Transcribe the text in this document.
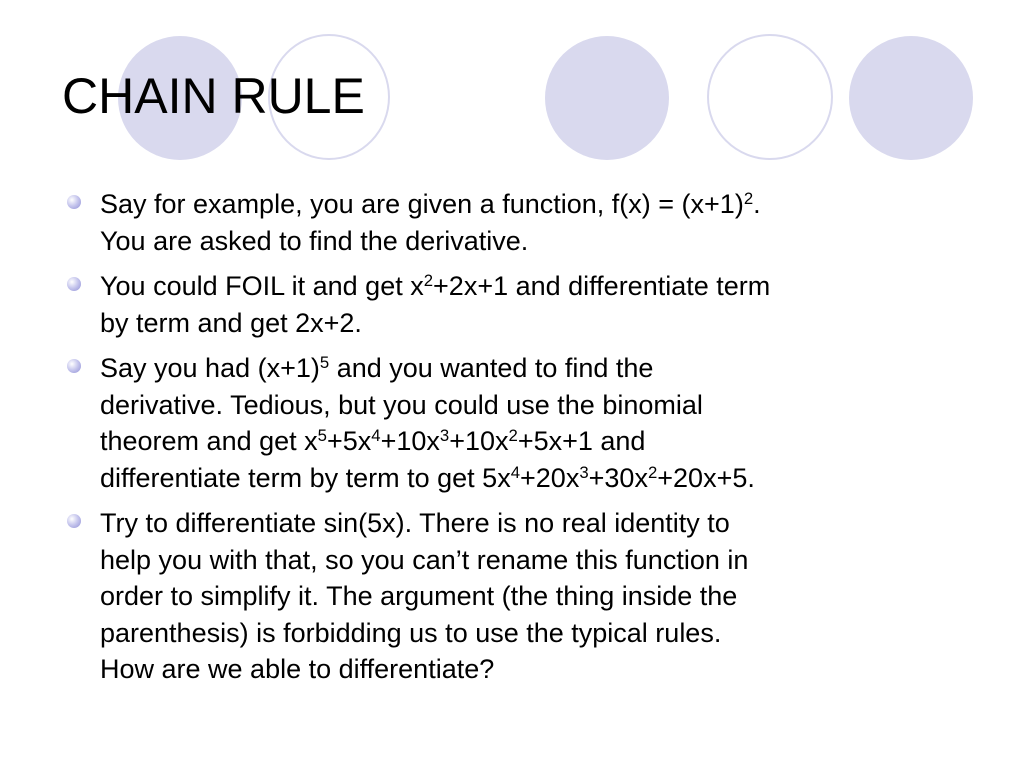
CHAIN RULE
Say for example, you are given a function, $f(x) = (x+1)^2$.
You are asked to find the derivative.
You could FOIL it and get $x^2+2x+1$ and differentiate term
by term and get 2x+2.
Say you had $(x+1)^5$ and you wanted to find the
derivative. Tedious, but you could use the binomial
theorem and get $x^5+5x^4+10x^3+10x^2+5x+1$ and
differentiate term by term to get $5x^4+20x^3+30x^2+20x+5$.
Try to differentiate sin(5x). There is no real identity to
help you with that, so you can’t rename this function in
order to simplify it. The argument (the thing inside the
parenthesis) is forbidding us to use the typical rules.
How are we able to differentiate?
